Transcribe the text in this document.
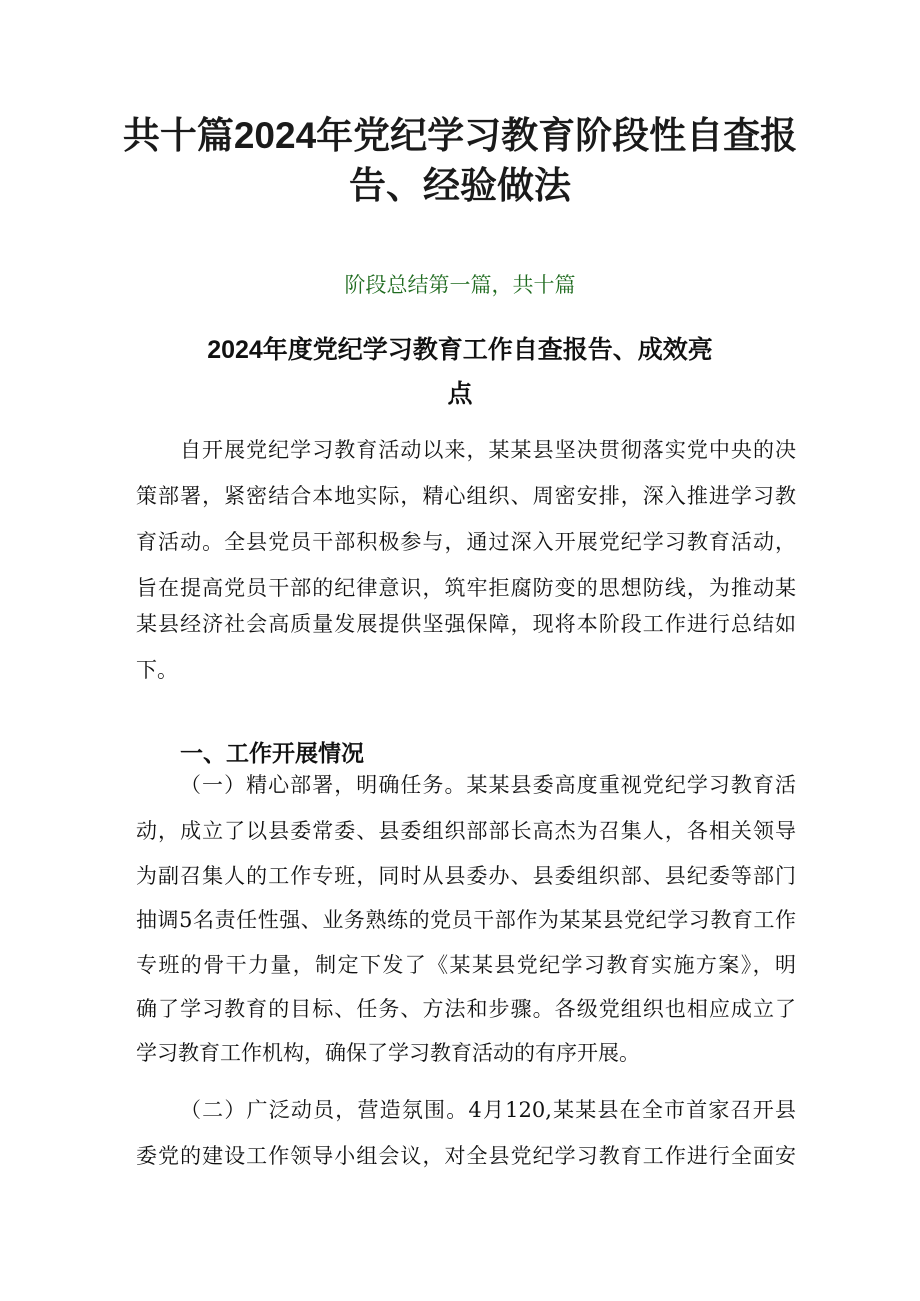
共十篇2024年党纪学习教育阶段性自查报
告、经验做法
阶段总结第一篇，共十篇
2024年度党纪学习教育工作自查报告、成效亮
点
自开展党纪学习教育活动以来，某某县坚决贯彻落实党中央的决
策部署，紧密结合本地实际，精心组织、周密安排，深入推进学习教
育活动。全县党员干部积极参与，通过深入开展党纪学习教育活动，
旨在提高党员干部的纪律意识，筑牢拒腐防变的思想防线，为推动某
某县经济社会高质量发展提供坚强保障，现将本阶段工作进行总结如
下。
一、工作开展情况
（一）精心部署，明确任务。某某县委高度重视党纪学习教育活
动，成立了以县委常委、县委组织部部长高杰为召集人，各相关领导
为副召集人的工作专班，同时从县委办、县委组织部、县纪委等部门
抽调5名责任性强、业务熟练的党员干部作为某某县党纪学习教育工作
专班的骨干力量，制定下发了《某某县党纪学习教育实施方案》，明
确了学习教育的目标、任务、方法和步骤。各级党组织也相应成立了
学习教育工作机构，确保了学习教育活动的有序开展。
（二）广泛动员，营造氛围。4月120,某某县在全市首家召开县
委党的建设工作领导小组会议，对全县党纪学习教育工作进行全面安
